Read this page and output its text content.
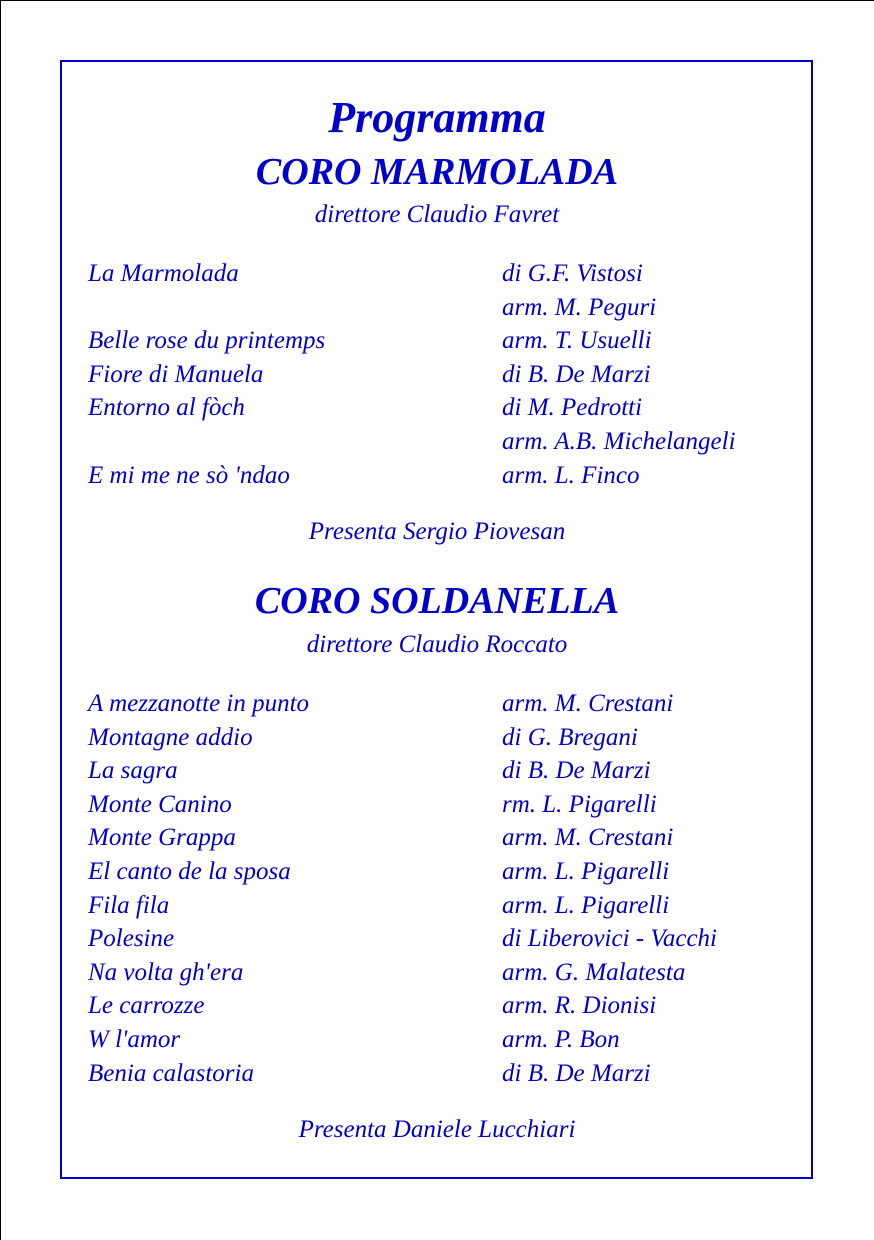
Programma
CORO MARMOLADA
direttore Claudio Favret
La Marmolada	di G.F. Vistosi
arm. M. Peguri
Belle rose du printemps	arm. T. Usuelli
Fiore di Manuela	di B. De Marzi
Entorno al fòch	di M. Pedrotti
arm. A.B. Michelangeli
E mi me ne sò 'ndao	arm. L. Finco
Presenta Sergio Piovesan
CORO SOLDANELLA
direttore Claudio Roccato
A mezzanotte in punto	arm. M. Crestani
Montagne addio	di G. Bregani
La sagra	di B. De Marzi
Monte Canino	rm. L. Pigarelli
Monte Grappa	arm. M. Crestani
El canto de la sposa	arm. L. Pigarelli
Fila fila	arm. L. Pigarelli
Polesine	di Liberovici - Vacchi
Na volta gh'era	arm. G. Malatesta
Le carrozze	arm. R. Dionisi
W l'amor	arm. P. Bon
Benia calastoria	di B. De Marzi
Presenta Daniele Lucchiari
